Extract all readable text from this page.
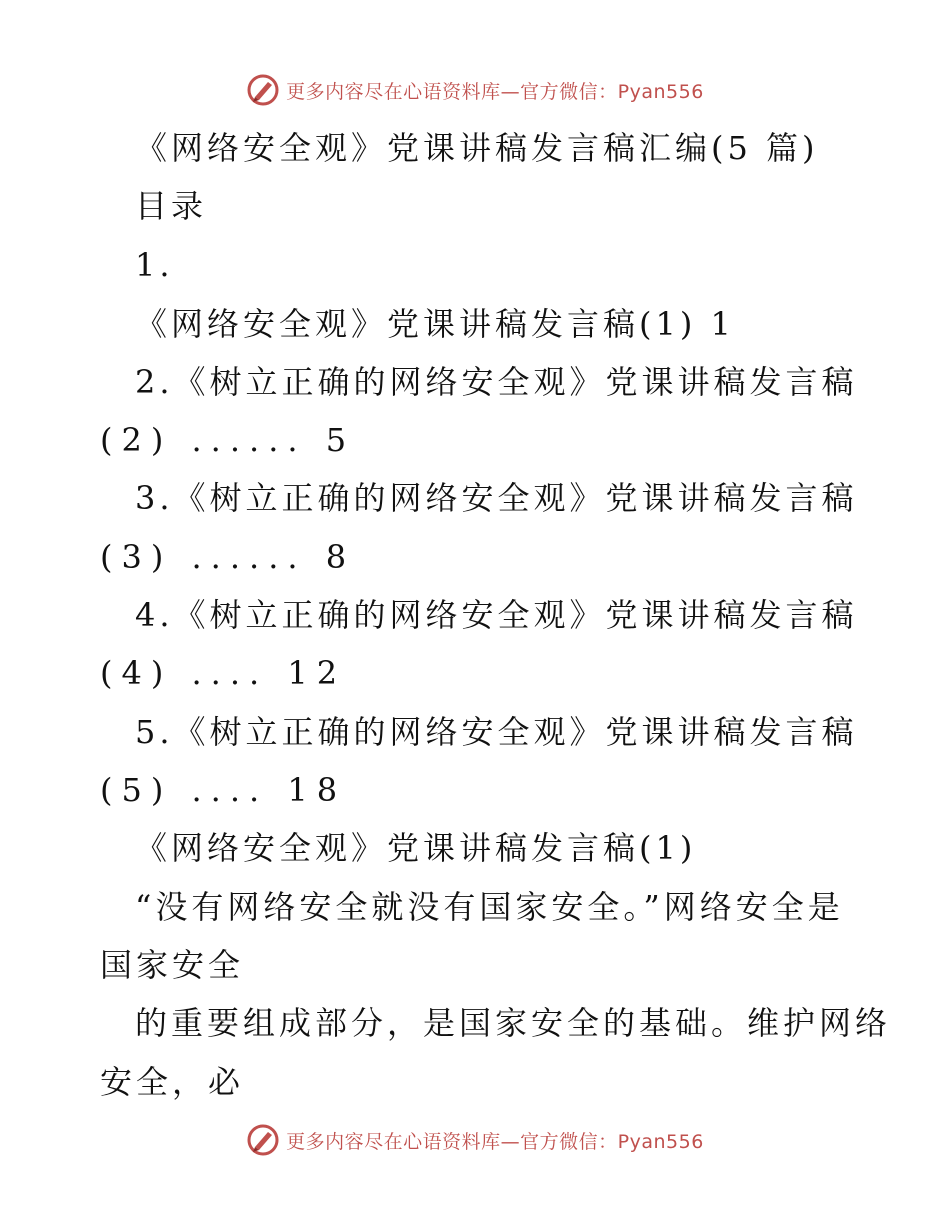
更多内容尽在心语资料库—官方微信：Pyan556
《网络安全观》党课讲稿发言稿汇编(5 篇)
目录
1.
《网络安全观》党课讲稿发言稿(1) 1
2.《树立正确的网络安全观》党课讲稿发言稿
(2) ...... 5
3.《树立正确的网络安全观》党课讲稿发言稿
(3) ...... 8
4.《树立正确的网络安全观》党课讲稿发言稿
(4) .... 12
5.《树立正确的网络安全观》党课讲稿发言稿
(5) .... 18
《网络安全观》党课讲稿发言稿(1)
“没有网络安全就没有国家安全。”网络安全是
国家安全
的重要组成部分，是国家安全的基础。维护网络
安全，必
更多内容尽在心语资料库—官方微信：Pyan556
